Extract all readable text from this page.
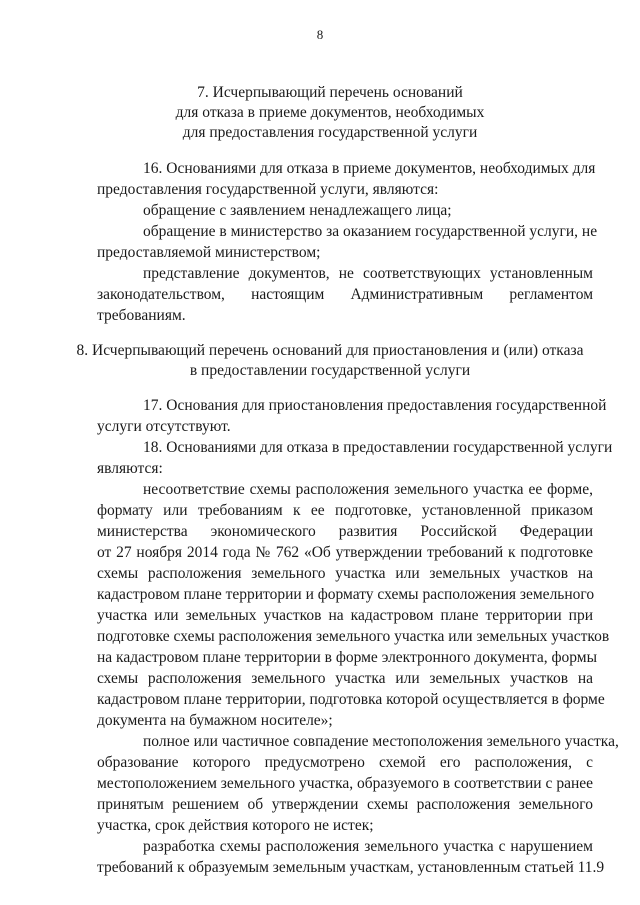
8
7. Исчерпывающий перечень оснований
для отказа в приеме документов, необходимых
для предоставления государственной услуги
16. Основаниями для отказа в приеме документов, необходимых для
предоставления государственной услуги, являются:
обращение с заявлением ненадлежащего лица;
обращение в министерство за оказанием государственной услуги, не
предоставляемой министерством;
представление документов, не соответствующих установленным
законодательством, настоящим Административным регламентом
требованиям.
8. Исчерпывающий перечень оснований для приостановления и (или) отказа
в предоставлении государственной услуги
17. Основания для приостановления предоставления государственной
услуги отсутствуют.
18. Основаниями для отказа в предоставлении государственной услуги
являются:
несоответствие схемы расположения земельного участка ее форме,
формату или требованиям к ее подготовке, установленной приказом
министерства экономического развития Российской Федерации
от 27 ноября 2014 года № 762 «Об утверждении требований к подготовке
схемы расположения земельного участка или земельных участков на
кадастровом плане территории и формату схемы расположения земельного
участка или земельных участков на кадастровом плане территории при
подготовке схемы расположения земельного участка или земельных участков
на кадастровом плане территории в форме электронного документа, формы
схемы расположения земельного участка или земельных участков на
кадастровом плане территории, подготовка которой осуществляется в форме
документа на бумажном носителе»;
полное или частичное совпадение местоположения земельного участка,
образование которого предусмотрено схемой его расположения, с
местоположением земельного участка, образуемого в соответствии с ранее
принятым решением об утверждении схемы расположения земельного
участка, срок действия которого не истек;
разработка схемы расположения земельного участка с нарушением
требований к образуемым земельным участкам, установленным статьей 11.9
